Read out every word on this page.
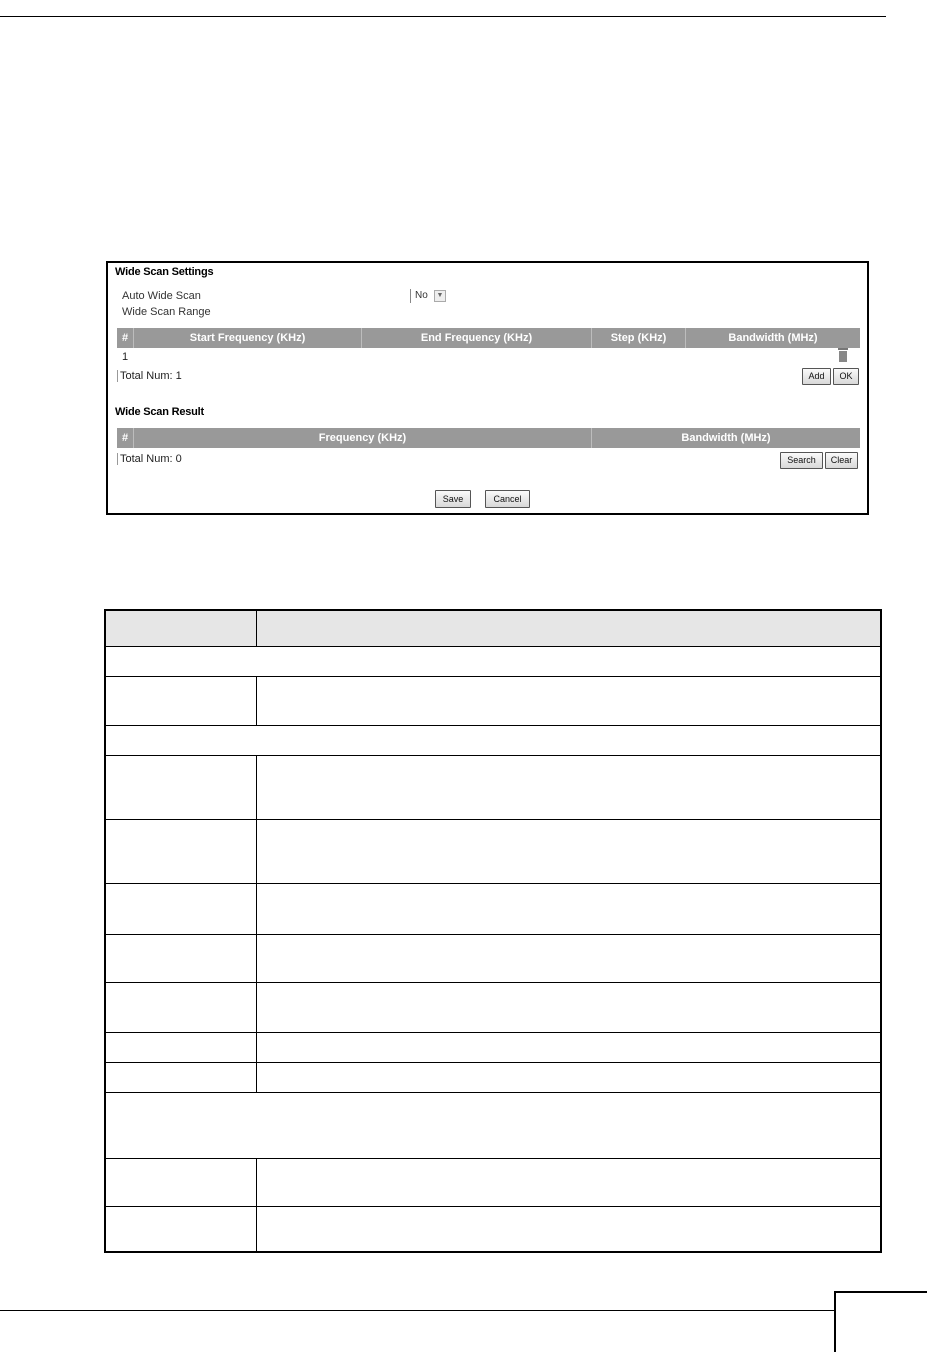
Wide Scan Settings
Auto Wide Scan	No	▼
Wide Scan Range
#	Start Frequency (KHz)	End Frequency (KHz)	Step (KHz)	Bandwidth (MHz)
1
Total Num: 1	Add	OK
Wide Scan Result
#	Frequency (KHz)	Bandwidth (MHz)
Total Num: 0	Search	Clear
Save	Cancel
